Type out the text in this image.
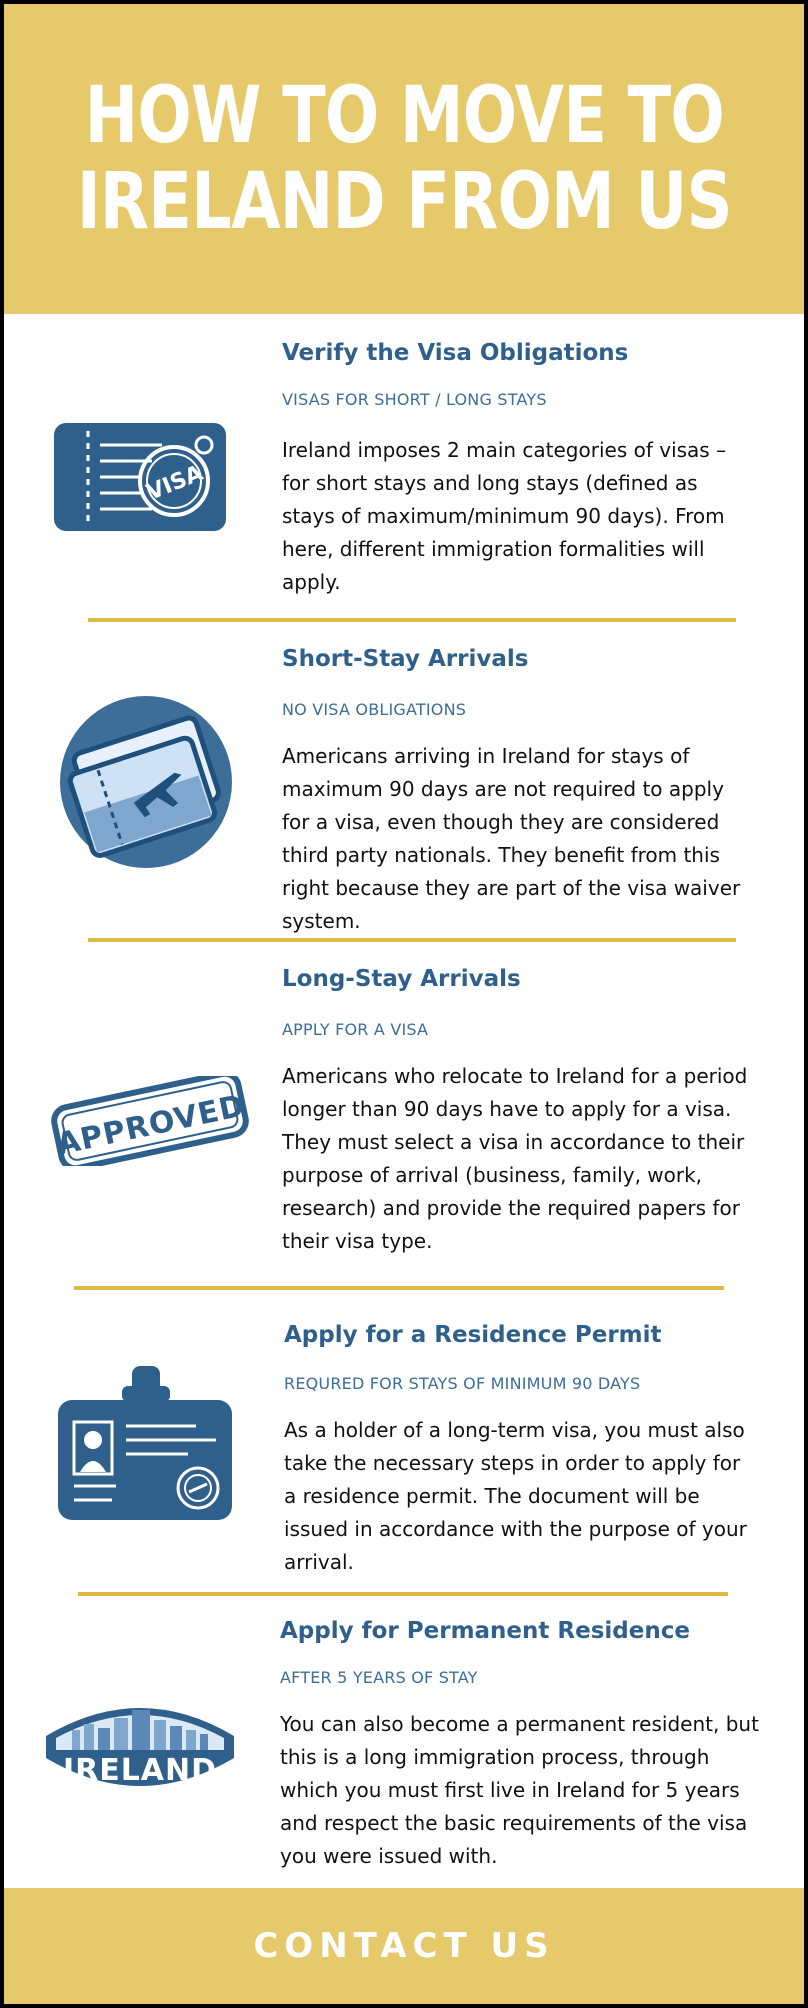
HOW TO MOVE TO
IRELAND FROM US
VISA
Verify the Visa Obligations
VISAS FOR SHORT / LONG STAYS
Ireland imposes 2 main categories of visas – for short stays and long stays (defined as stays of maximum/minimum 90 days). From here, different immigration formalities will apply.
Short-Stay Arrivals
NO VISA OBLIGATIONS
Americans arriving in Ireland for stays of maximum 90 days are not required to apply for a visa, even though they are considered third party nationals. They benefit from this right because they are part of the visa waiver system.
APPROVED
Long-Stay Arrivals
APPLY FOR A VISA
Americans who relocate to Ireland for a period longer than 90 days have to apply for a visa. They must select a visa in accordance to their purpose of arrival (business, family, work, research) and provide the required papers for their visa type.
Apply for a Residence Permit
REQURED FOR STAYS OF MINIMUM 90 DAYS
As a holder of a long-term visa, you must also take the necessary steps in order to apply for a residence permit. The document will be issued in accordance with the purpose of your arrival.
IRELAND
Apply for Permanent Residence
AFTER 5 YEARS OF STAY
You can also become a permanent resident, but this is a long immigration process, through which you must first live in Ireland for 5 years and respect the basic requirements of the visa you were issued with.
CONTACT US
